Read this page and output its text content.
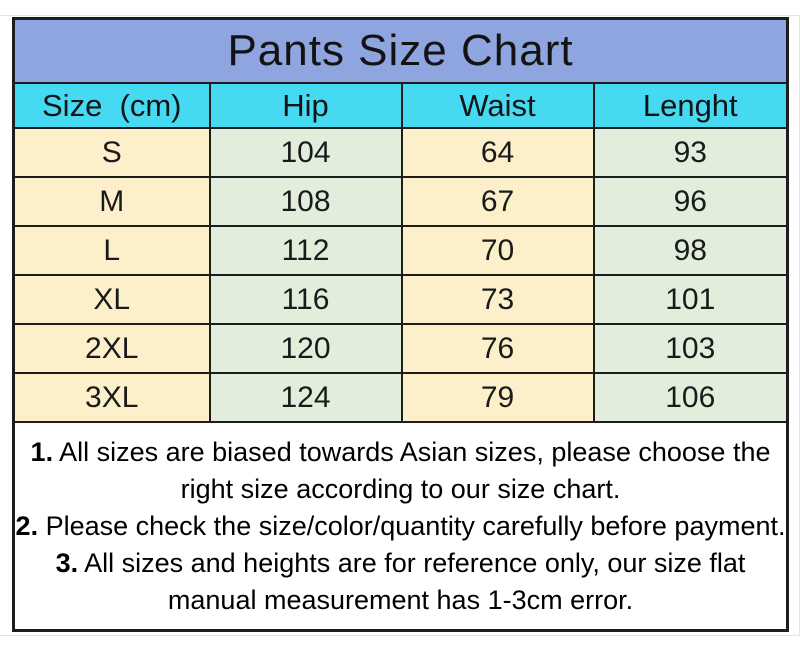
Pants Size Chart			
Size  (cm)	Hip	Waist	Lenght
S	104	64	93
M	108	67	96
L	112	70	98
XL	116	73	101
2XL	120	76	103
3XL	124	79	106

1. All sizes are biased towards Asian sizes, please choose the right size according to our size chart.
2. Please check the size/color/quantity carefully before payment.
3. All sizes and heights are for reference only, our size flat manual measurement has 1-3cm error.			
